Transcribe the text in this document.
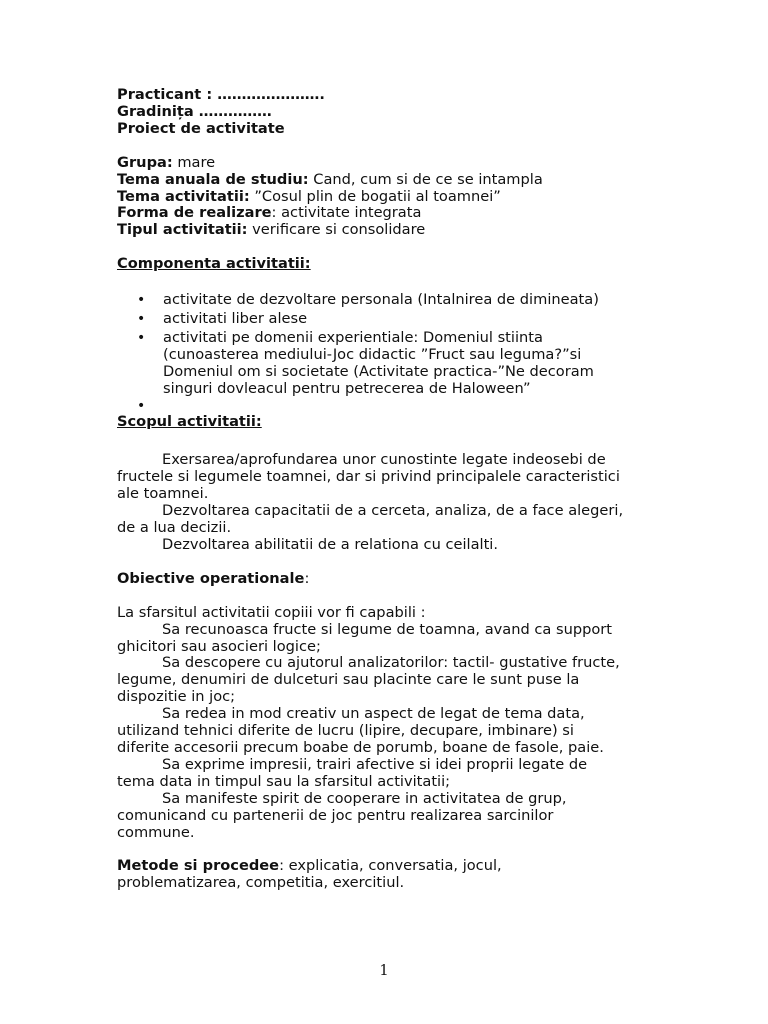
Practicant : ………………….
Gradinița ……………
Proiect de activitate
Grupa: mare
Tema anuala de studiu: Cand, cum si de ce se intampla
Tema activitatii: ”Cosul plin de bogatii al toamnei”
Forma de realizare: activitate integrata
Tipul activitatii: verificare si consolidare
Componenta activitatii:
• activitate de dezvoltare personala (Intalnirea de dimineata)
• activitati liber alese
• activitati pe domenii experientiale: Domeniul stiinta
(cunoasterea mediului-Joc didactic ”Fruct sau leguma?”si
Domeniul om si societate (Activitate practica-”Ne decoram
singuri dovleacul pentru petrecerea de Haloween”
•
Scopul activitatii:
Exersarea/aprofundarea unor cunostinte legate indeosebi de
fructele si legumele toamnei, dar si privind principalele caracteristici
ale toamnei.
Dezvoltarea capacitatii de a cerceta, analiza, de a face alegeri,
de a lua decizii.
Dezvoltarea abilitatii de a relationa cu ceilalti.
Obiective operationale:
La sfarsitul activitatii copiii vor fi capabili :
Sa recunoasca fructe si legume de toamna, avand ca support
ghicitori sau asocieri logice;
Sa descopere cu ajutorul analizatorilor: tactil- gustative fructe,
legume, denumiri de dulceturi sau placinte care le sunt puse la
dispozitie in joc;
Sa redea in mod creativ un aspect de legat de tema data,
utilizand tehnici diferite de lucru (lipire, decupare, imbinare) si
diferite accesorii precum boabe de porumb, boane de fasole, paie.
Sa exprime impresii, trairi afective si idei proprii legate de
tema data in timpul sau la sfarsitul activitatii;
Sa manifeste spirit de cooperare in activitatea de grup,
comunicand cu partenerii de joc pentru realizarea sarcinilor
commune.
Metode si procedee: explicatia, conversatia, jocul,
problematizarea, competitia, exercitiul.
1
